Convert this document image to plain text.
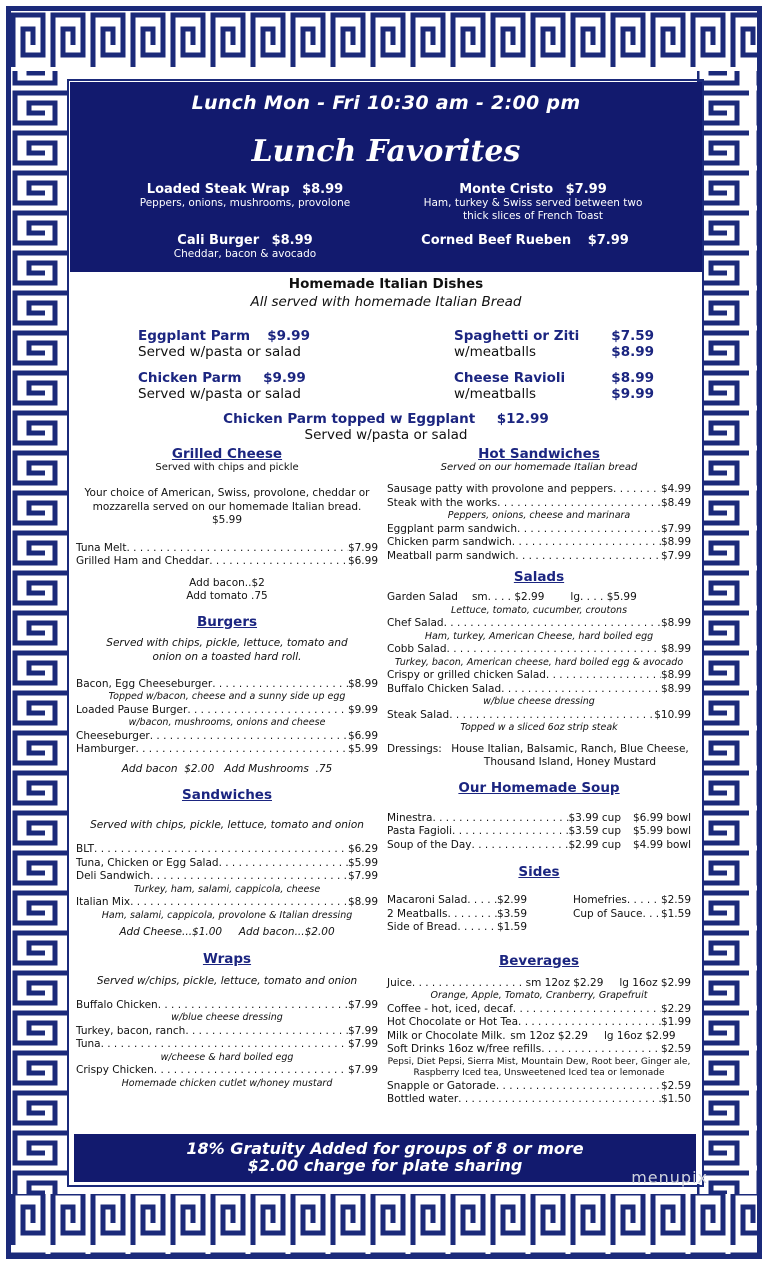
Lunch Mon - Fri 10:30 am - 2:00 pm
Lunch Favorites
Loaded Steak Wrap $8.99
Peppers, onions, mushrooms, provolone
Monte Cristo $7.99
Ham, turkey & Swiss served between two thick slices of French Toast
Cali Burger $8.99
Cheddar, bacon & avocado
Corned Beef Rueben $7.99
Homemade Italian Dishes
All served with homemade Italian Bread
Eggplant Parm $9.99
Served w/pasta or salad
Spaghetti or Ziti $7.59
w/meatballs	$8.99
Chicken Parm $9.99
Served w/pasta or salad
Cheese Ravioli	$8.99
w/meatballs	$9.99
Chicken Parm topped w Eggplant $12.99
Served w/pasta or salad
Grilled Cheese
Served with chips and pickle
Your choice of American, Swiss, provolone, cheddar or mozzarella served on our homemade Italian bread.
$5.99
Tuna Melt . . .	$7.99
Grilled Ham and Cheddar . . .	$6.99
Add bacon..$2
Add tomato .75
Burgers
Served with chips, pickle, lettuce, tomato and onion on a toasted hard roll.
Bacon, Egg Cheeseburger . . .	$8.99
Topped w/bacon, cheese and a sunny side up egg
Loaded Pause Burger . . .	$9.99
w/bacon, mushrooms, onions and cheese
Cheeseburger . . .	$6.99
Hamburger . . .	$5.99
Add bacon  $2.00   Add Mushrooms  .75
Sandwiches
Served with chips, pickle, lettuce, tomato and onion
BLT . . .	$6.29
Tuna, Chicken or Egg Salad . . .	$5.99
Deli Sandwich . . .	$7.99
Turkey, ham, salami, cappicola, cheese
Italian Mix . . .	$8.99
Ham, salami, cappicola, provolone & Italian dressing
Add Cheese...$1.00     Add bacon...$2.00
Wraps
Served w/chips, pickle, lettuce, tomato and onion
Buffalo Chicken . . .	$7.99
w/blue cheese dressing
Turkey, bacon, ranch . . .	$7.99
Tuna . . .	$7.99
w/cheese & hard boiled egg
Crispy Chicken . . .	$7.99
Homemade chicken cutlet w/honey mustard
Hot Sandwiches
Served on our homemade Italian bread
Sausage patty with provolone and peppers . . .	$4.99
Steak with the works . . .	$8.49
Peppers, onions, cheese and marinara
Eggplant parm sandwich . . .	$7.99
Chicken parm sandwich . . .	$8.99
Meatball parm sandwich . . .	$7.99
Salads
Garden Salad sm. . . . $2.99 lg. . . . $5.99
Lettuce, tomato, cucumber, croutons
Chef Salad . . .	$8.99
Ham, turkey, American Cheese, hard boiled egg
Cobb Salad . . .	$8.99
Turkey, bacon, American cheese, hard boiled egg & avocado
Crispy or grilled chicken Salad . . .	$8.99
Buffalo Chicken Salad . . .	$8.99
w/blue cheese dressing
Steak Salad . . .	$10.99
Topped w a sliced 6oz strip steak
Dressings: House Italian, Balsamic, Ranch, Blue Cheese, Thousand Island, Honey Mustard
Our Homemade Soup
Minestra . . .	$3.99 cup	$6.99 bowl
Pasta Fagioli . . .	$3.59 cup	$5.99 bowl
Soup of the Day . . .	$2.99 cup	$4.99 bowl
Sides
Macaroni Salad . . .	$2.99
2 Meatballs . . .	$3.59
Side of Bread . . .	$1.59
Homefries . . .	$2.59
Cup of Sauce . . . $1.59
Beverages
Juice . . .	sm 12oz $2.29 lg 16oz $2.99
Orange, Apple, Tomato, Cranberry, Grapefruit
Coffee - hot, iced, decaf . . .	$2.29
Hot Chocolate or Hot Tea . . .	$1.99
Milk or Chocolate Milk . . . sm 12oz $2.29 lg 16oz $2.99
Soft Drinks 16oz w/free refills . . .	$2.59
Pepsi, Diet Pepsi, Sierra Mist, Mountain Dew, Root beer, Ginger ale, Raspberry Iced tea, Unsweetened Iced tea or lemonade
Snapple or Gatorade . . .	$2.59
Bottled water . . .	$1.50
18% Gratuity Added for groups of 8 or more
$2.00 charge for plate sharing
menupix
